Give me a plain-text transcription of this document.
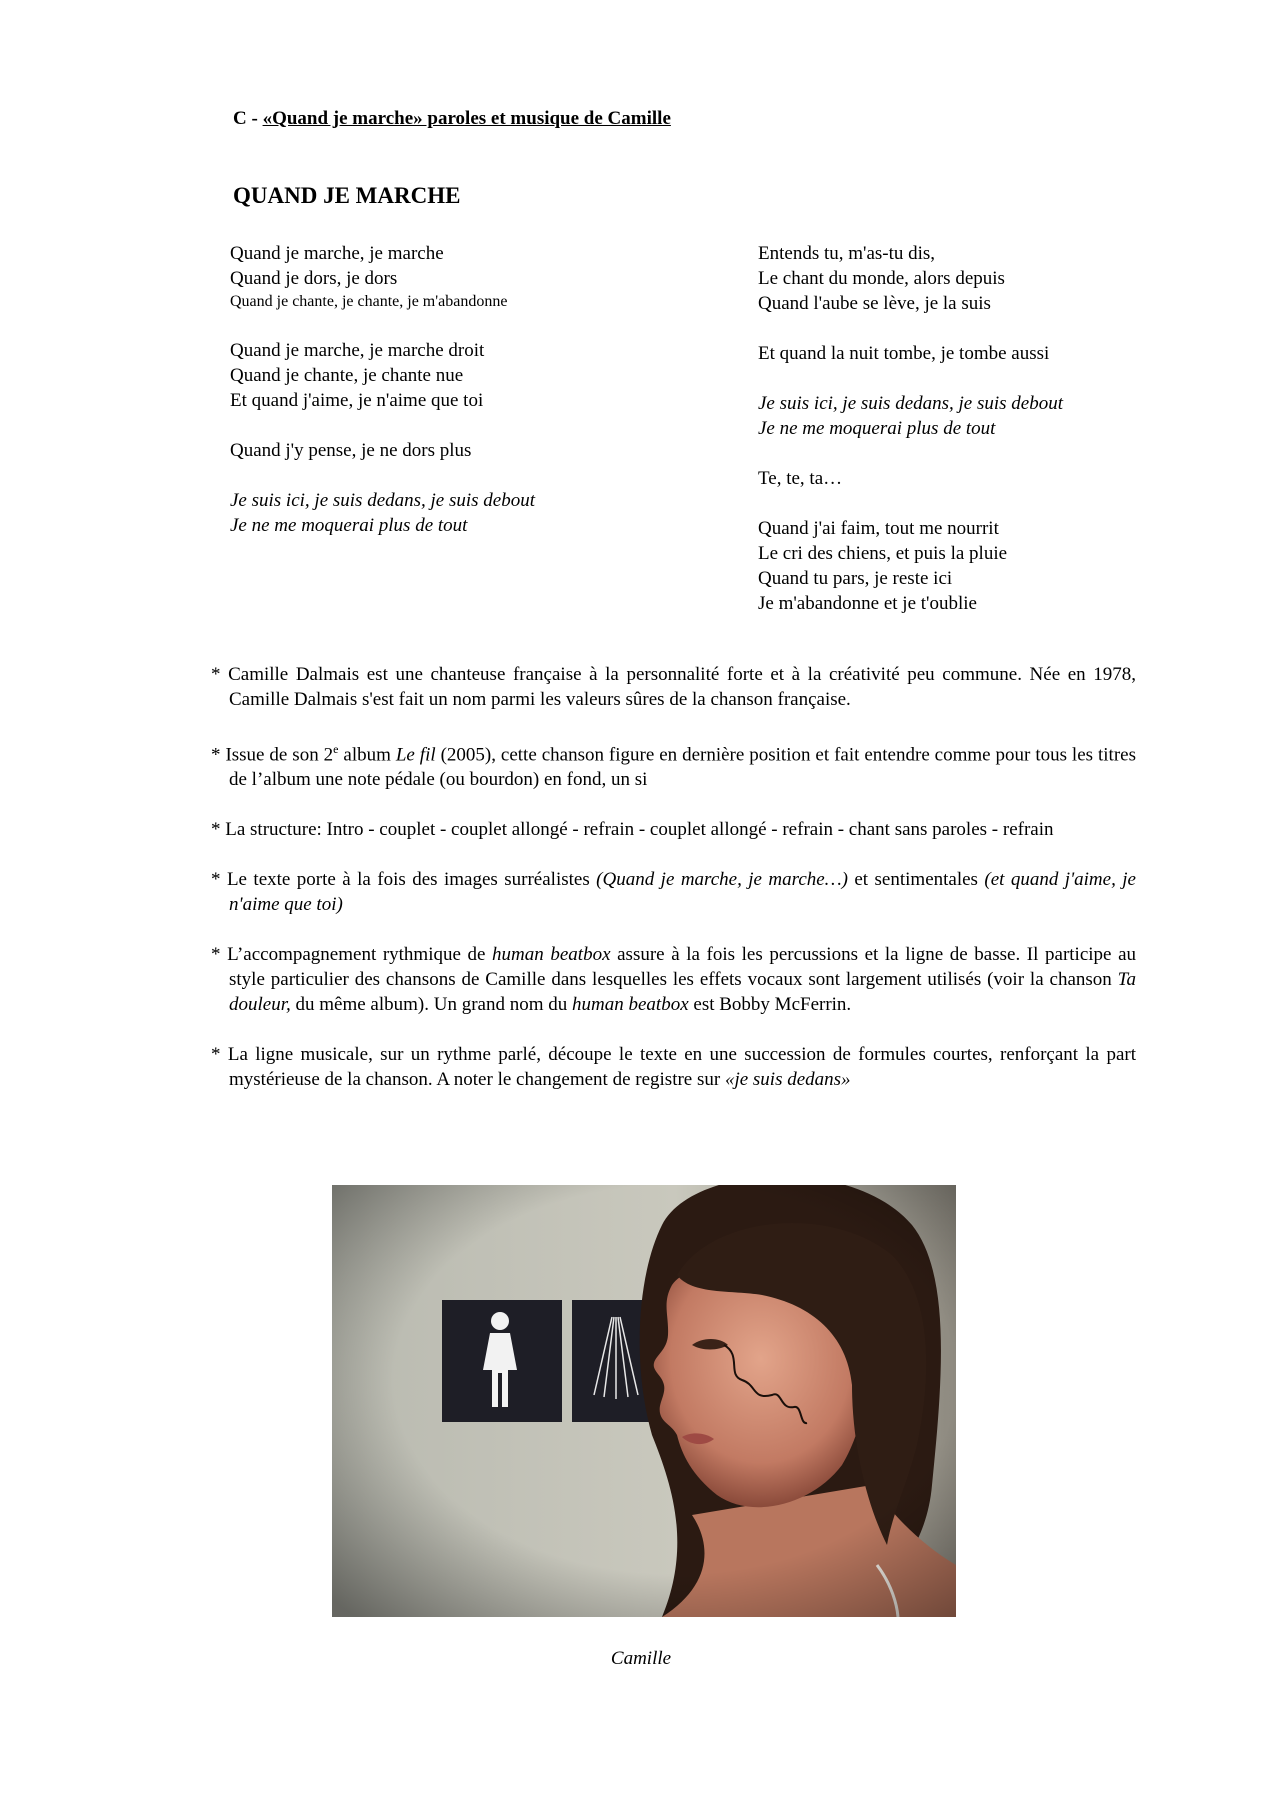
C - «Quand je marche» paroles et musique de Camille
QUAND JE MARCHE
Quand je marche, je marche
Quand je dors, je dors
Quand je chante, je chante, je m'abandonne
Quand je marche, je marche droit
Quand je chante, je chante nue
Et quand j'aime, je n'aime que toi
Quand j'y pense, je ne dors plus
Je suis ici, je suis dedans, je suis debout
Je ne me moquerai plus de tout
Entends tu, m'as-tu dis,
Le chant du monde, alors depuis
Quand l'aube se lève, je la suis
Et quand la nuit tombe, je tombe aussi
Je suis ici, je suis dedans, je suis debout
Je ne me moquerai plus de tout
Te, te, ta…
Quand j'ai faim, tout me nourrit
Le cri des chiens, et puis la pluie
Quand tu pars, je reste ici
Je m'abandonne et je t'oublie
* Camille Dalmais est une chanteuse française à la personnalité forte et à la créativité peu commune. Née en 1978, Camille Dalmais s'est fait un nom parmi les valeurs sûres de la chanson française.
* Issue de son 2e album Le fil (2005), cette chanson figure en dernière position et fait entendre comme pour tous les titres de l’album une note pédale (ou bourdon) en fond, un si
* La structure: Intro - couplet - couplet allongé - refrain - couplet allongé - refrain - chant sans paroles - refrain
* Le texte porte à la fois des images surréalistes (Quand je marche, je marche…) et sentimentales (et quand j'aime, je n'aime que toi)
* L’accompagnement rythmique de human beatbox assure à la fois les percussions et la ligne de basse. Il participe au style particulier des chansons de Camille dans lesquelles les effets vocaux sont largement utilisés (voir la chanson Ta douleur, du même album). Un grand nom du human beatbox est Bobby McFerrin.
* La ligne musicale, sur un rythme parlé, découpe le texte en une succession de formules courtes, renforçant la part mystérieuse de la chanson. A noter le changement de registre sur «je suis dedans»
Camille
